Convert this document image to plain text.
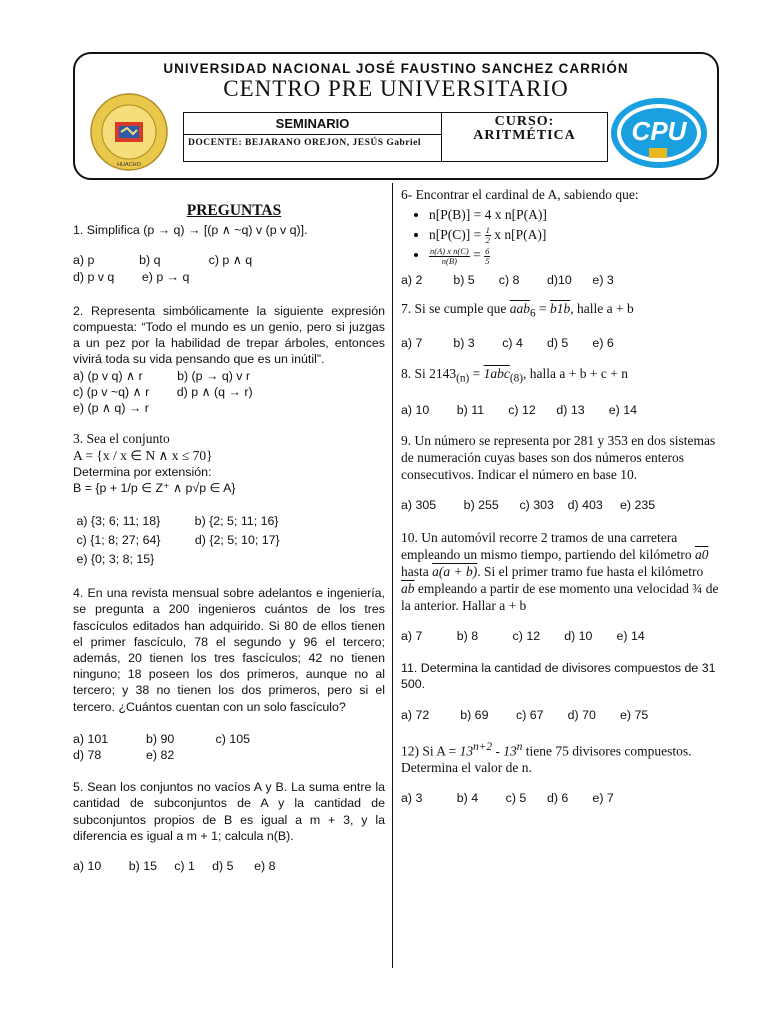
UNIVERSIDAD NACIONAL JOSÉ FAUSTINO SANCHEZ CARRIÓN
CENTRO PRE UNIVERSITARIO
HUACHO
SEMINARIO
DOCENTE: BEJARANO OREJON, JESÚS Gabriel
CURSO:
ARITMÉTICA	CPU

PREGUNTAS

1. Simplifica (p → q) → [(p ∧ ~q) v (p v q)].

a) p             b) q              c) p ∧ q

d) p v q        e) p → q

2. Representa simbólicamente la siguiente expresión compuesta: “Todo el mundo es un genio, pero si juzgas a un pez por la habilidad de trepar árboles, entonces vivirá toda su vida pensando que es un inútil”.

a) (p v q) ∧ r          b) (p → q) v r

c) (p v ~q) ∧ r        d) p ∧ (q → r)

e) (p ∧ q) → r

3. Sea el conjunto

A = {x / x ∈ N ∧ x ≤ 70}

Determina por extensión:

B = {p + 1/p ∈ Z⁺ ∧ p√p ∈ A}

a) {3; 6; 11; 18}          b) {2; 5; 11; 16}

c) {1; 8; 27; 64}          d) {2; 5; 10; 17}

e) {0; 3; 8; 15}

4. En una revista mensual sobre adelantos e ingeniería, se pregunta a 200 ingenieros cuántos de los tres fascículos editados han adquirido. Si 80 de ellos tienen el primer fascículo, 78 el segundo y 96 el tercero; además, 20 tienen los tres fascículos; 42 no tienen ninguno; 18 poseen los dos primeros, aunque no al tercero; y 38 no tienen los dos primeros, pero si el tercero. ¿Cuántos cuentan con un solo fascículo?

a) 101           b) 90            c) 105

d) 78             e) 82

5. Sean los conjuntos no vacíos A y B. La suma entre la cantidad de subconjuntos de A y la cantidad de subconjuntos propios de B es igual a m + 3, y la diferencia es igual a m + 1; calcula n(B).

a) 10        b) 15     c) 1     d) 5      e) 8

6- Encontrar el cardinal de A, sabiendo que:

• n[P(B)] = 4 x n[P(A)]
• $n[P(C)] = \frac{1}{2}$ x n[P(A)]
• $\frac{\text{n(A) x n(C)}}{n(B)} = \frac{6}{5}$

a) 2         b) 5       c) 8        d)10      e) 3

7. Si se cumple que $\overline{aab}_6 = b1b$, halle a + b

a) 7         b) 3        c) 4       d) 5       e) 6

8. Si $2143_{(n)} = 1abc_{(8)}$, halla a + b + c + n

a) 10        b) 11       c) 12      d) 13       e) 14

9. Un número se representa por 281 y 353 en dos sistemas de numeración cuyas bases son dos números enteros consecutivos. Indicar el número en base 10.

a) 305        b) 255      c) 303    d) 403     e) 235

10. Un automóvil recorre 2 tramos de una carretera empleando un mismo tiempo, partiendo del kilómetro a0 hasta a(a + b). Si el primer tramo fue hasta el kilómetro $\overline{ab}$ empleando a partir de ese momento una velocidad ¾ de la anterior. Hallar a + b

a) 7          b) 8          c) 12       d) 10       e) 14

11. Determina la cantidad de divisores compuestos de 31 500.

a) 72         b) 69        c) 67       d) 70       e) 75

12) Si $A = 13^{n+2} - 13^n$ tiene 75 divisores compuestos. Determina el valor de n.

a) 3          b) 4        c) 5      d) 6       e) 7
